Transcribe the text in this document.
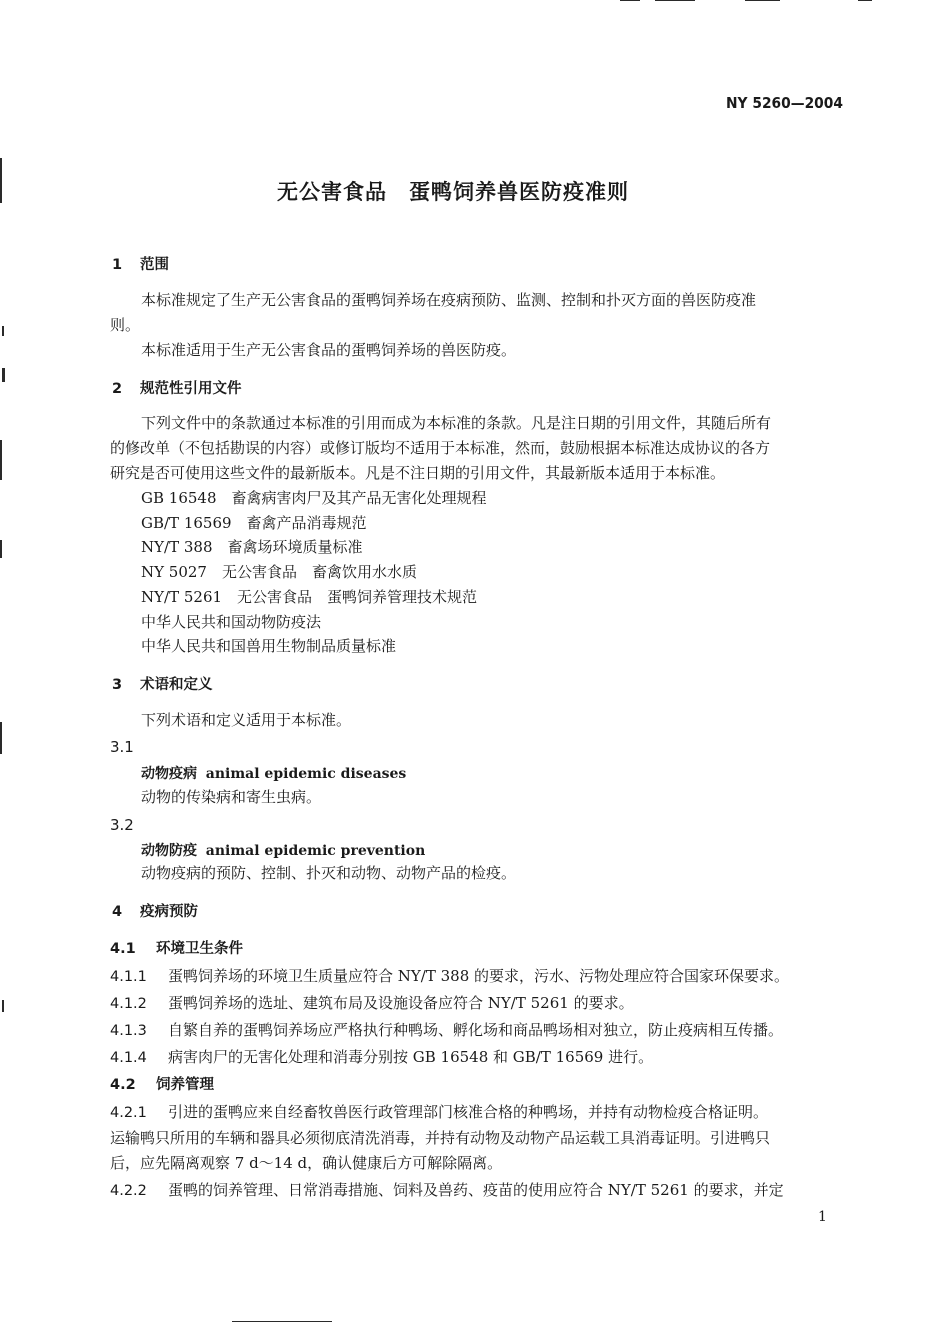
NY 5260—2004
无公害食品　蛋鸭饲养兽医防疫准则
1 范围
本标准规定了生产无公害食品的蛋鸭饲养场在疫病预防、监测、控制和扑灭方面的兽医防疫准
则。
本标准适用于生产无公害食品的蛋鸭饲养场的兽医防疫。
2 规范性引用文件
下列文件中的条款通过本标准的引用而成为本标准的条款。凡是注日期的引用文件，其随后所有
的修改单（不包括勘误的内容）或修订版均不适用于本标准，然而，鼓励根据本标准达成协议的各方
研究是否可使用这些文件的最新版本。凡是不注日期的引用文件，其最新版本适用于本标准。
GB 16548　畜禽病害肉尸及其产品无害化处理规程
GB/T 16569　畜禽产品消毒规范
NY/T 388　畜禽场环境质量标准
NY 5027　无公害食品　畜禽饮用水水质
NY/T 5261　无公害食品　蛋鸭饲养管理技术规范
中华人民共和国动物防疫法
中华人民共和国兽用生物制品质量标准
3 术语和定义
下列术语和定义适用于本标准。
3.1
动物疫病 animal epidemic diseases
动物的传染病和寄生虫病。
3.2
动物防疫 animal epidemic prevention
动物疫病的预防、控制、扑灭和动物、动物产品的检疫。
4 疫病预防
4.1 环境卫生条件
4.1.1 蛋鸭饲养场的环境卫生质量应符合 NY/T 388 的要求，污水、污物处理应符合国家环保要求。
4.1.2 蛋鸭饲养场的选址、建筑布局及设施设备应符合 NY/T 5261 的要求。
4.1.3 自繁自养的蛋鸭饲养场应严格执行种鸭场、孵化场和商品鸭场相对独立，防止疫病相互传播。
4.1.4 病害肉尸的无害化处理和消毒分别按 GB 16548 和 GB/T 16569 进行。
4.2 饲养管理
4.2.1 引进的蛋鸭应来自经畜牧兽医行政管理部门核准合格的种鸭场，并持有动物检疫合格证明。
运输鸭只所用的车辆和器具必须彻底清洗消毒，并持有动物及动物产品运载工具消毒证明。引进鸭只
后，应先隔离观察 7 d～14 d，确认健康后方可解除隔离。
4.2.2 蛋鸭的饲养管理、日常消毒措施、饲料及兽药、疫苗的使用应符合 NY/T 5261 的要求，并定
1
